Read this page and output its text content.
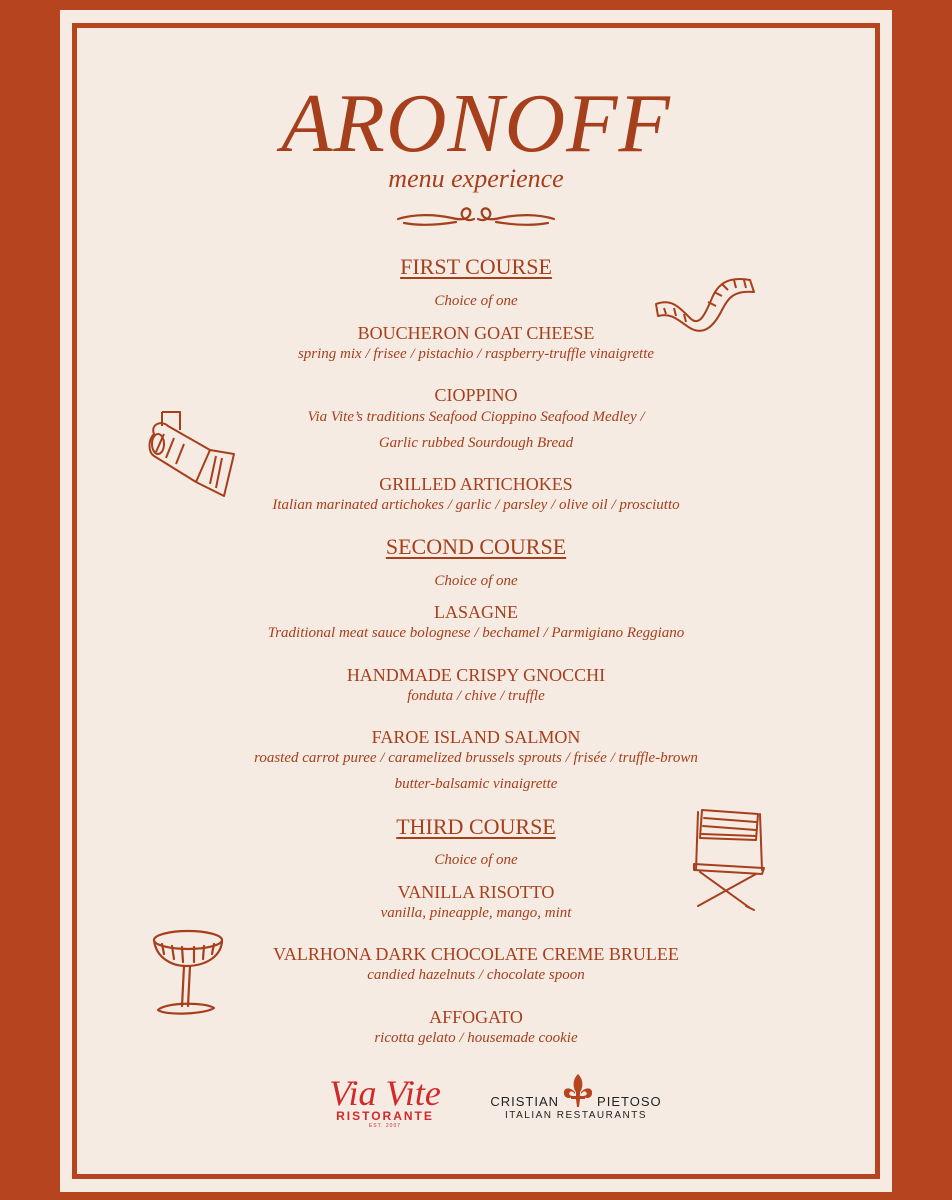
ARONOFF
menu experience
FIRST COURSE
Choice of one
BOUCHERON GOAT CHEESE
spring mix / frisee / pistachio / raspberry-truffle vinaigrette
CIOPPINO
Via Vite’s traditions Seafood Cioppino Seafood Medley /
Garlic rubbed Sourdough Bread
GRILLED ARTICHOKES
Italian marinated artichokes / garlic / parsley / olive oil / prosciutto
SECOND COURSE
Choice of one
LASAGNE
Traditional meat sauce bolognese / bechamel / Parmigiano Reggiano
HANDMADE CRISPY GNOCCHI
fonduta / chive / truffle
FAROE ISLAND SALMON
roasted carrot puree / caramelized brussels sprouts / frisée / truffle-brown
butter-balsamic vinaigrette
THIRD COURSE
Choice of one
VANILLA RISOTTO
vanilla, pineapple, mango, mint
VALRHONA DARK CHOCOLATE CREME BRULEE
candied hazelnuts / chocolate spoon
AFFOGATO
ricotta gelato / housemade cookie
Via Vite
RISTORANTE
EST. 2007
CRISTIAN	PIETOSO
ITALIAN RESTAURANTS
